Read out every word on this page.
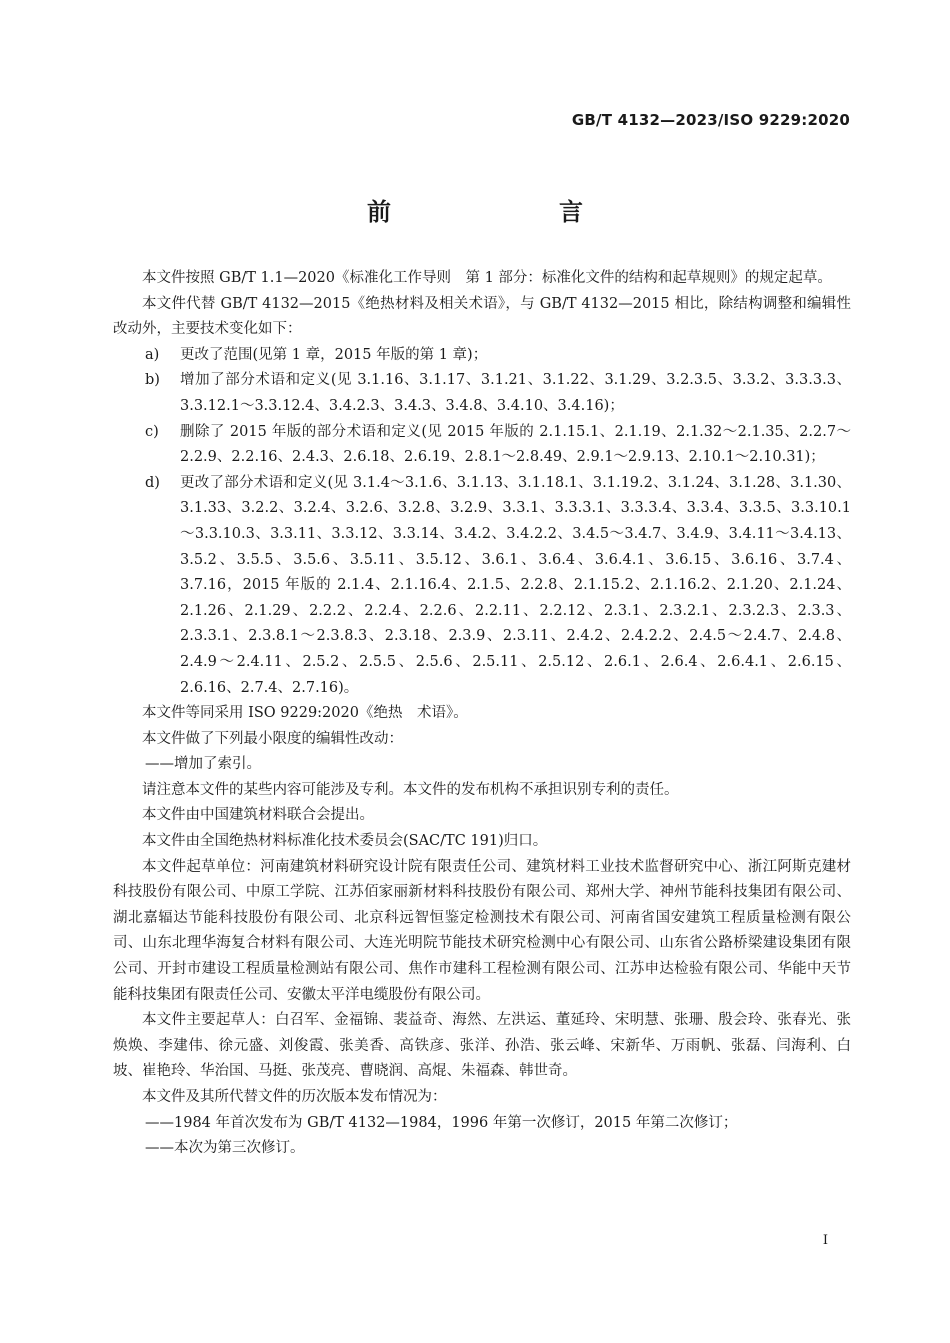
GB/T 4132—2023/ISO 9229:2020
前　　言

本文件按照 GB/T 1.1—2020《标准化工作导则　第 1 部分：标准化文件的结构和起草规则》的规定起草。

本文件代替 GB/T 4132—2015《绝热材料及相关术语》，与 GB/T 4132—2015 相比，除结构调整和编辑性改动外，主要技术变化如下：

a)	更改了范围(见第 1 章，2015 年版的第 1 章)；
b)	增加了部分术语和定义(见 3.1.16、3.1.17、3.1.21、3.1.22、3.1.29、3.2.3.5、3.3.2、3.3.3.3、3.3.12.1～3.3.12.4、3.4.2.3、3.4.3、3.4.8、3.4.10、3.4.16)；
c)	删除了 2015 年版的部分术语和定义(见 2015 年版的 2.1.15.1、2.1.19、2.1.32～2.1.35、2.2.7～2.2.9、2.2.16、2.4.3、2.6.18、2.6.19、2.8.1～2.8.49、2.9.1～2.9.13、2.10.1～2.10.31)；
d)	更改了部分术语和定义(见 3.1.4～3.1.6、3.1.13、3.1.18.1、3.1.19.2、3.1.24、3.1.28、3.1.30、3.1.33、3.2.2、3.2.4、3.2.6、3.2.8、3.2.9、3.3.1、3.3.3.1、3.3.3.4、3.3.4、3.3.5、3.3.10.1～3.3.10.3、3.3.11、3.3.12、3.3.14、3.4.2、3.4.2.2、3.4.5～3.4.7、3.4.9、3.4.11～3.4.13、3.5.2、3.5.5、3.5.6、3.5.11、3.5.12、3.6.1、3.6.4、3.6.4.1、3.6.15、3.6.16、3.7.4、3.7.16，2015 年版的 2.1.4、2.1.16.4、2.1.5、2.2.8、2.1.15.2、2.1.16.2、2.1.20、2.1.24、2.1.26、2.1.29、2.2.2、2.2.4、2.2.6、2.2.11、2.2.12、2.3.1、2.3.2.1、2.3.2.3、2.3.3、2.3.3.1、2.3.8.1～2.3.8.3、2.3.18、2.3.9、2.3.11、2.4.2、2.4.2.2、2.4.5～2.4.7、2.4.8、2.4.9～2.4.11、2.5.2、2.5.5、2.5.6、2.5.11、2.5.12、2.6.1、2.6.4、2.6.4.1、2.6.15、2.6.16、2.7.4、2.7.16)。

本文件等同采用 ISO 9229:2020《绝热　术语》。

本文件做了下列最小限度的编辑性改动：

——增加了索引。

请注意本文件的某些内容可能涉及专利。本文件的发布机构不承担识别专利的责任。

本文件由中国建筑材料联合会提出。

本文件由全国绝热材料标准化技术委员会(SAC/TC 191)归口。

本文件起草单位：河南建筑材料研究设计院有限责任公司、建筑材料工业技术监督研究中心、浙江阿斯克建材科技股份有限公司、中原工学院、江苏佰家丽新材料科技股份有限公司、郑州大学、神州节能科技集团有限公司、湖北嘉辐达节能科技股份有限公司、北京科远智恒鉴定检测技术有限公司、河南省国安建筑工程质量检测有限公司、山东北理华海复合材料有限公司、大连光明院节能技术研究检测中心有限公司、山东省公路桥梁建设集团有限公司、开封市建设工程质量检测站有限公司、焦作市建科工程检测有限公司、江苏申达检验有限公司、华能中天节能科技集团有限责任公司、安徽太平洋电缆股份有限公司。

本文件主要起草人：白召军、金福锦、裴益奇、海然、左洪运、董延玲、宋明慧、张珊、殷会玲、张春光、张焕焕、李建伟、徐元盛、刘俊霞、张美香、高铁彦、张洋、孙浩、张云峰、宋新华、万雨帆、张磊、闫海利、白坡、崔艳玲、华治国、马挺、张茂亮、曹晓润、高焜、朱福森、韩世奇。

本文件及其所代替文件的历次版本发布情况为：

——1984 年首次发布为 GB/T 4132—1984，1996 年第一次修订，2015 年第二次修订；

——本次为第三次修订。

I
